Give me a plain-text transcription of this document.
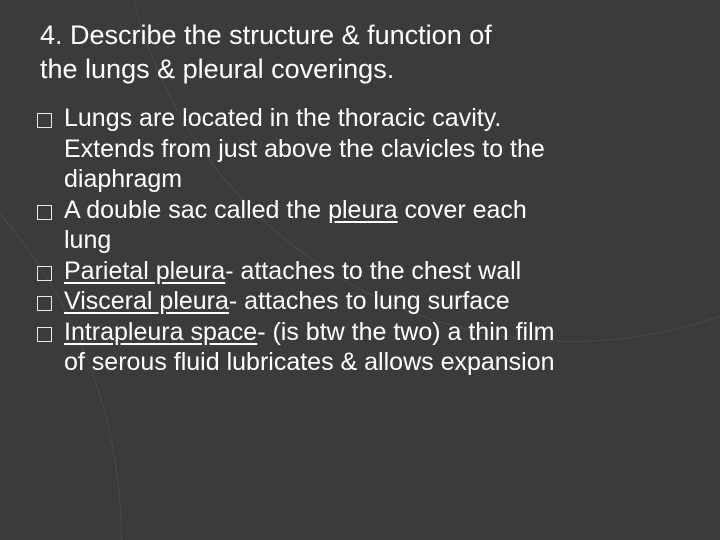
4. Describe the structure & function of
the lungs & pleural coverings.
Lungs are located in the thoracic cavity.
Extends from just above the clavicles to the
diaphragm
A double sac called the pleura cover each
lung
Parietal pleura- attaches to the chest wall
Visceral pleura- attaches to lung surface
Intrapleura space- (is btw the two) a thin film
of serous fluid lubricates & allows expansion
